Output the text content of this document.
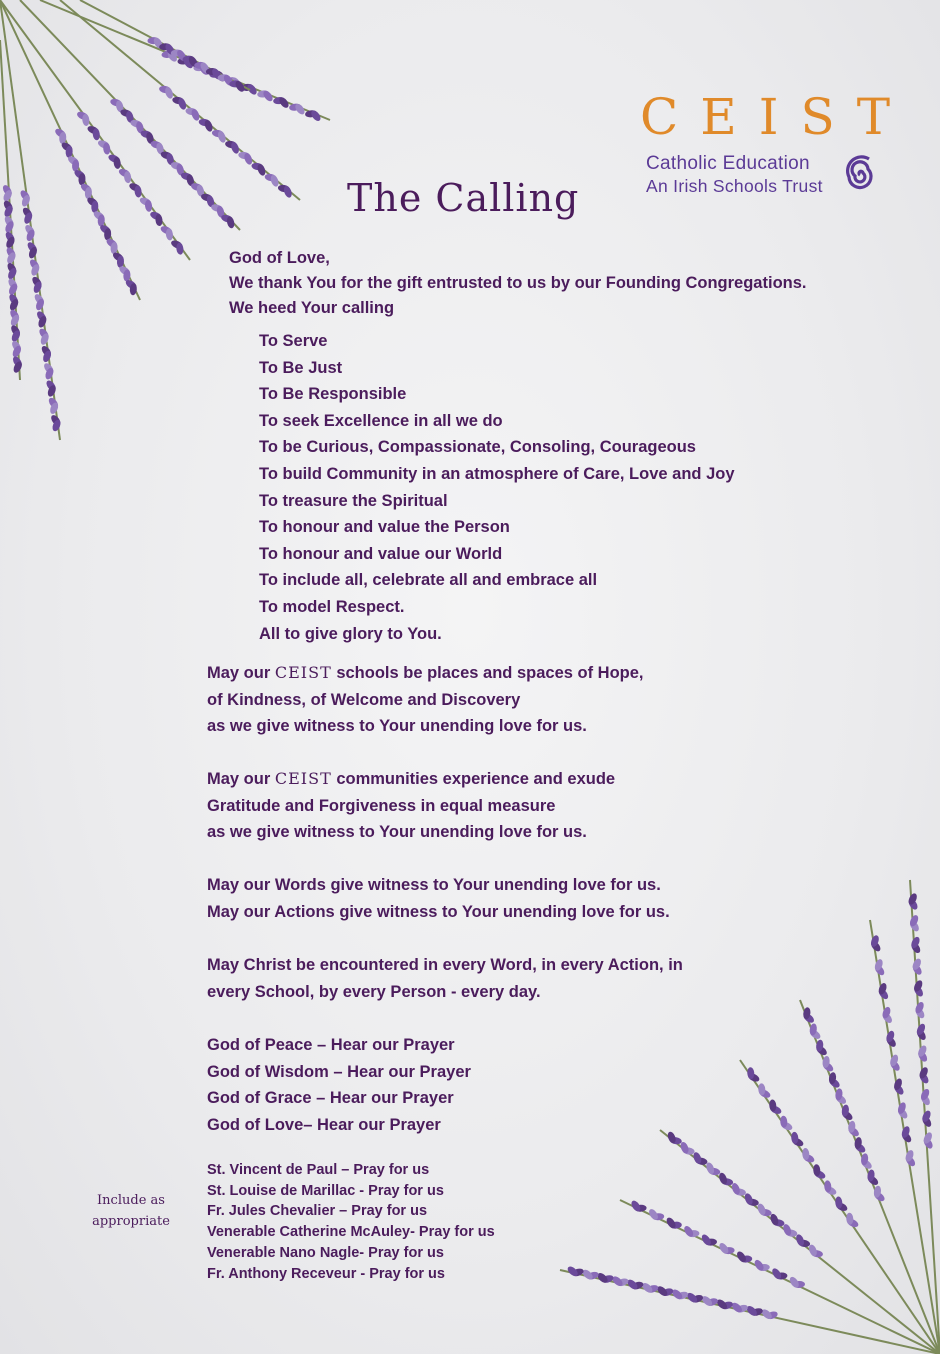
CEIST
Catholic Education
An Irish Schools Trust
The Calling
God of Love,
We thank You for the gift entrusted to us by our Founding Congregations.
We heed Your calling
To Serve
To Be Just
To Be Responsible
To seek Excellence in all we do
To be Curious, Compassionate, Consoling, Courageous
To build Community in an atmosphere of Care, Love and Joy
To treasure the Spiritual
To honour and value the Person
To honour and value our World
To include all, celebrate all and embrace all
To model Respect.
All to give glory to You.
May our CEIST schools be places and spaces of Hope,
of Kindness, of Welcome and Discovery
as we give witness to Your unending love for us.
May our CEIST communities experience and exude
Gratitude and Forgiveness in equal measure
as we give witness to Your unending love for us.
May our Words give witness to Your unending love for us.
May our Actions give witness to Your unending love for us.
May Christ be encountered in every Word, in every Action, in
every School, by every Person - every day.
God of Peace – Hear our Prayer
God of Wisdom – Hear our Prayer
God of Grace – Hear our Prayer
God of Love– Hear our Prayer
St. Vincent de Paul – Pray for us
St. Louise de Marillac - Pray for us
Fr. Jules Chevalier – Pray for us
Venerable Catherine McAuley- Pray for us
Venerable Nano Nagle- Pray for us
Fr. Anthony Receveur - Pray for us
Include as appropriate
